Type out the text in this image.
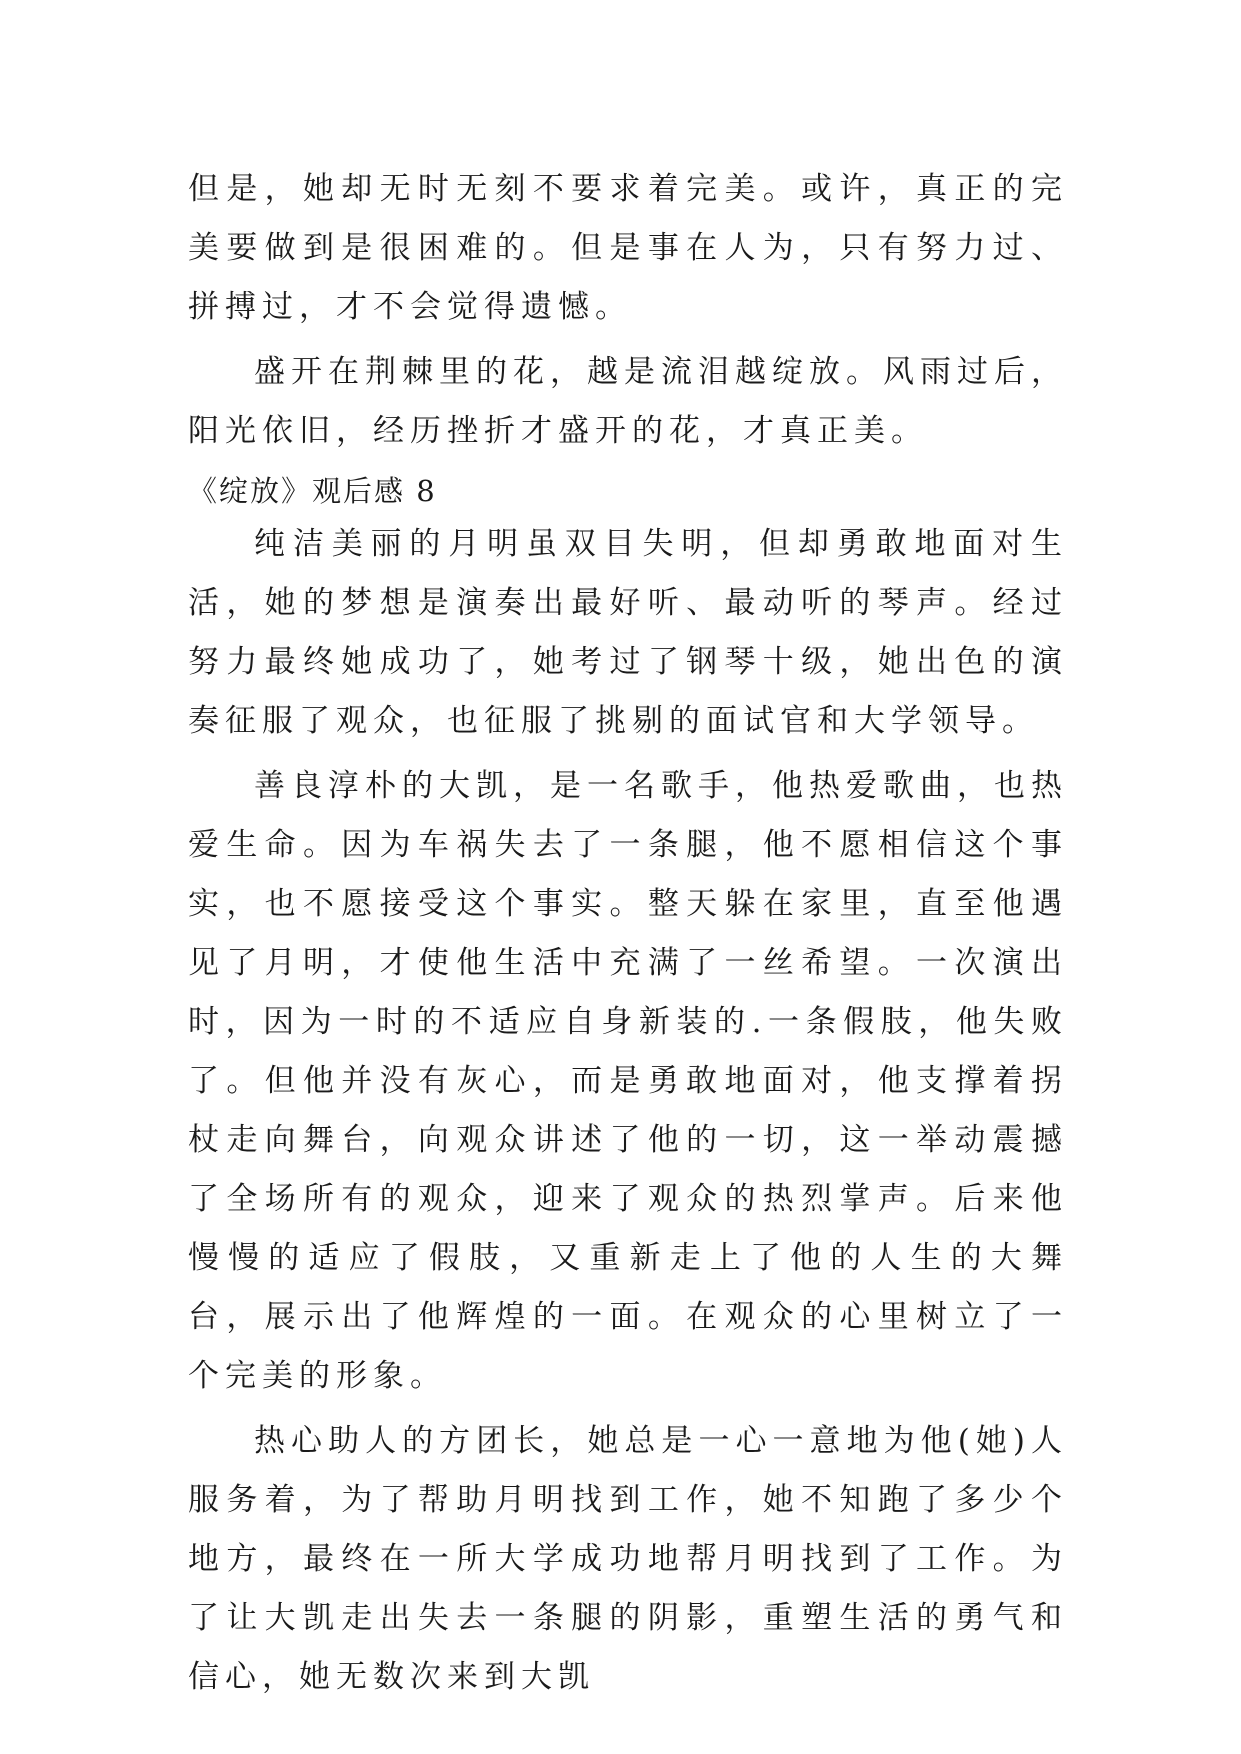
但是，她却无时无刻不要求着完美。或许，真正的完美要做到是很困难的。但是事在人为，只有努力过、拼搏过，才不会觉得遗憾。

盛开在荆棘里的花，越是流泪越绽放。风雨过后，阳光依旧，经历挫折才盛开的花，才真正美。

《绽放》观后感 8

纯洁美丽的月明虽双目失明，但却勇敢地面对生活，她的梦想是演奏出最好听、最动听的琴声。经过努力最终她成功了，她考过了钢琴十级，她出色的演奏征服了观众，也征服了挑剔的面试官和大学领导。

善良淳朴的大凯，是一名歌手，他热爱歌曲，也热爱生命。因为车祸失去了一条腿，他不愿相信这个事实，也不愿接受这个事实。整天躲在家里，直至他遇见了月明，才使他生活中充满了一丝希望。一次演出时，因为一时的不适应自身新装的.一条假肢，他失败了。但他并没有灰心，而是勇敢地面对，他支撑着拐杖走向舞台，向观众讲述了他的一切，这一举动震撼了全场所有的观众，迎来了观众的热烈掌声。后来他慢慢的适应了假肢，又重新走上了他的人生的大舞台，展示出了他辉煌的一面。在观众的心里树立了一个完美的形象。

热心助人的方团长，她总是一心一意地为他(她)人服务着，为了帮助月明找到工作，她不知跑了多少个地方，最终在一所大学成功地帮月明找到了工作。为了让大凯走出失去一条腿的阴影，重塑生活的勇气和信心，她无数次来到大凯
